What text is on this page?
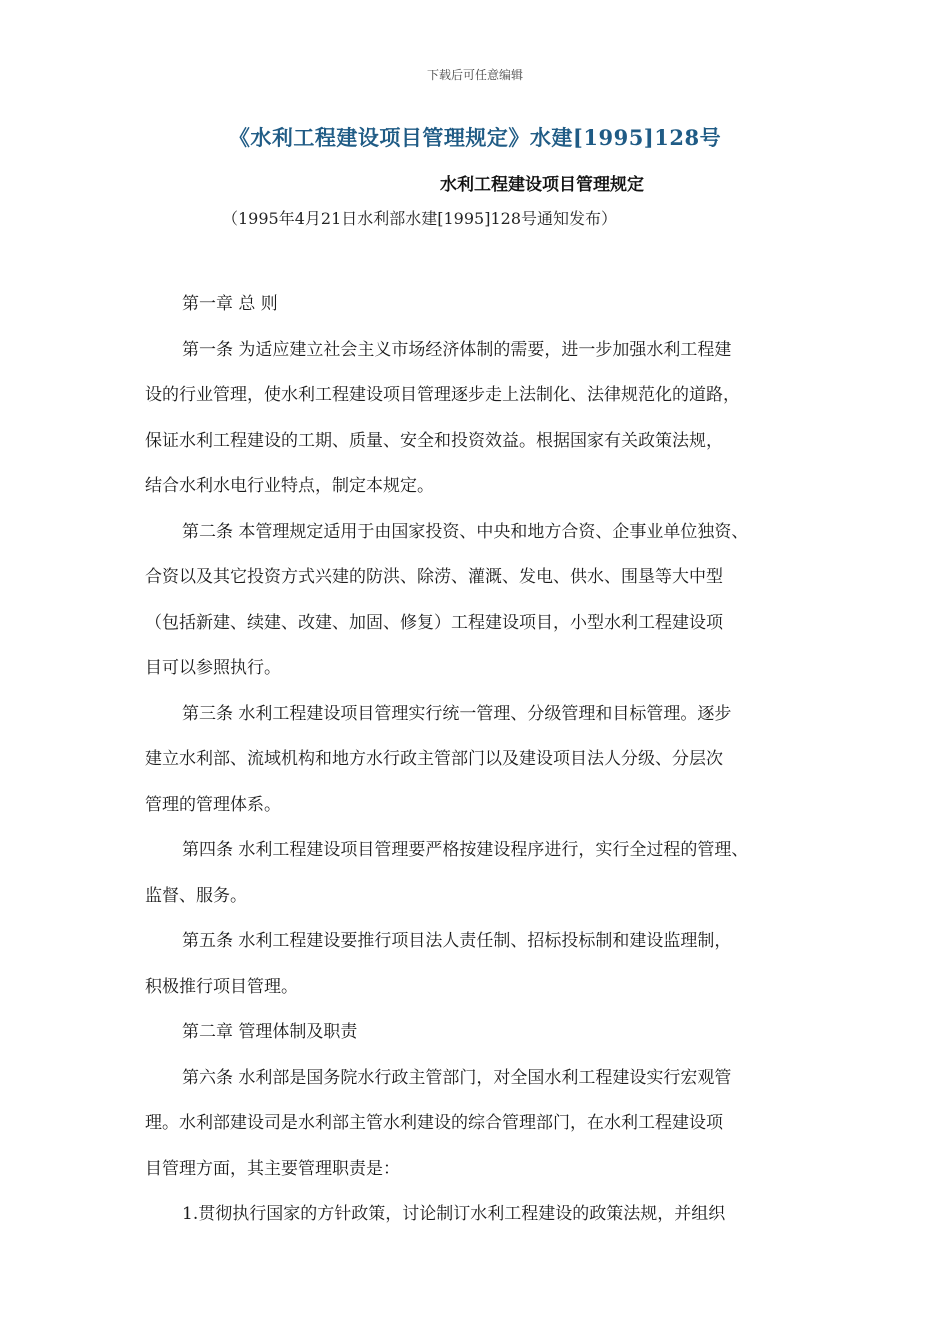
下载后可任意编辑
《水利工程建设项目管理规定》水建[1995]128号
水利工程建设项目管理规定
（1995年4月21日水利部水建[1995]128号通知发布）
第一章 总 则
第一条 为适应建立社会主义市场经济体制的需要，进一步加强水利工程建
设的行业管理，使水利工程建设项目管理逐步走上法制化、法律规范化的道路，
保证水利工程建设的工期、质量、安全和投资效益。根据国家有关政策法规，
结合水利水电行业特点，制定本规定。
第二条 本管理规定适用于由国家投资、中央和地方合资、企事业单位独资、
合资以及其它投资方式兴建的防洪、除涝、灌溉、发电、供水、围垦等大中型
（包括新建、续建、改建、加固、修复）工程建设项目，小型水利工程建设项
目可以参照执行。
第三条 水利工程建设项目管理实行统一管理、分级管理和目标管理。逐步
建立水利部、流域机构和地方水行政主管部门以及建设项目法人分级、分层次
管理的管理体系。
第四条 水利工程建设项目管理要严格按建设程序进行，实行全过程的管理、
监督、服务。
第五条 水利工程建设要推行项目法人责任制、招标投标制和建设监理制，
积极推行项目管理。
第二章 管理体制及职责
第六条 水利部是国务院水行政主管部门，对全国水利工程建设实行宏观管
理。水利部建设司是水利部主管水利建设的综合管理部门，在水利工程建设项
目管理方面，其主要管理职责是：
1.贯彻执行国家的方针政策，讨论制订水利工程建设的政策法规，并组织
